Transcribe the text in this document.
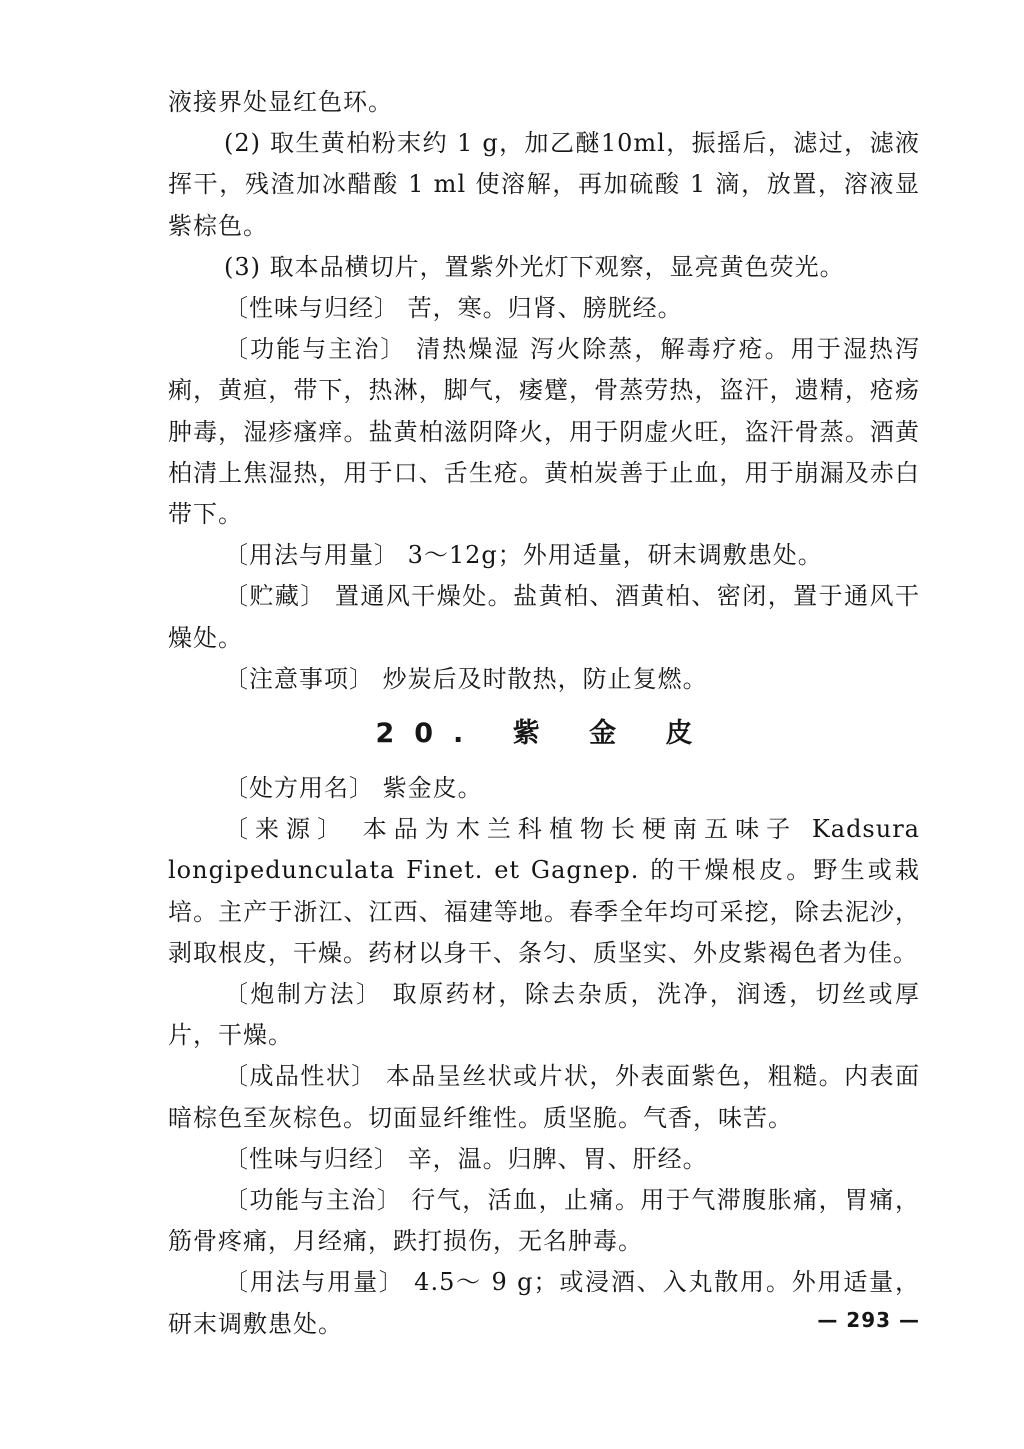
液接界处显红色环。

(2) 取生黄柏粉末约 1 g，加乙醚10ml，振摇后，滤过，滤液挥干，残渣加冰醋酸 1 ml 使溶解，再加硫酸 1 滴，放置，溶液显紫棕色。

(3) 取本品横切片，置紫外光灯下观察，显亮黄色荧光。

〔性味与归经〕 苦，寒。归肾、膀胱经。

〔功能与主治〕 清热燥湿 泻火除蒸，解毒疗疮。用于湿热泻痢，黄疸，带下，热淋，脚气，痿躄，骨蒸劳热，盗汗，遗精，疮疡肿毒，湿疹瘙痒。盐黄柏滋阴降火，用于阴虚火旺，盗汗骨蒸。酒黄柏清上焦湿热，用于口、舌生疮。黄柏炭善于止血，用于崩漏及赤白带下。

〔用法与用量〕 3～12g；外用适量，研末调敷患处。

〔贮藏〕 置通风干燥处。盐黄柏、酒黄柏、密闭，置于通风干燥处。

〔注意事项〕 炒炭后及时散热，防止复燃。

20. 紫 金 皮

〔处方用名〕 紫金皮。

〔来源〕 本品为木兰科植物长梗南五味子 Kadsura longipedunculata Finet. et Gagnep. 的干燥根皮。野生或栽培。主产于浙江、江西、福建等地。春季全年均可采挖，除去泥沙，剥取根皮，干燥。药材以身干、条匀、质坚实、外皮紫褐色者为佳。

〔炮制方法〕 取原药材，除去杂质，洗净，润透，切丝或厚片，干燥。

〔成品性状〕 本品呈丝状或片状，外表面紫色，粗糙。内表面暗棕色至灰棕色。切面显纤维性。质坚脆。气香，味苦。

〔性味与归经〕 辛，温。归脾、胃、肝经。

〔功能与主治〕 行气，活血，止痛。用于气滞腹胀痛，胃痛，筋骨疼痛，月经痛，跌打损伤，无名肿毒。

〔用法与用量〕 4.5～ 9 g；或浸酒、入丸散用。外用适量，研末调敷患处。	— 293 —
